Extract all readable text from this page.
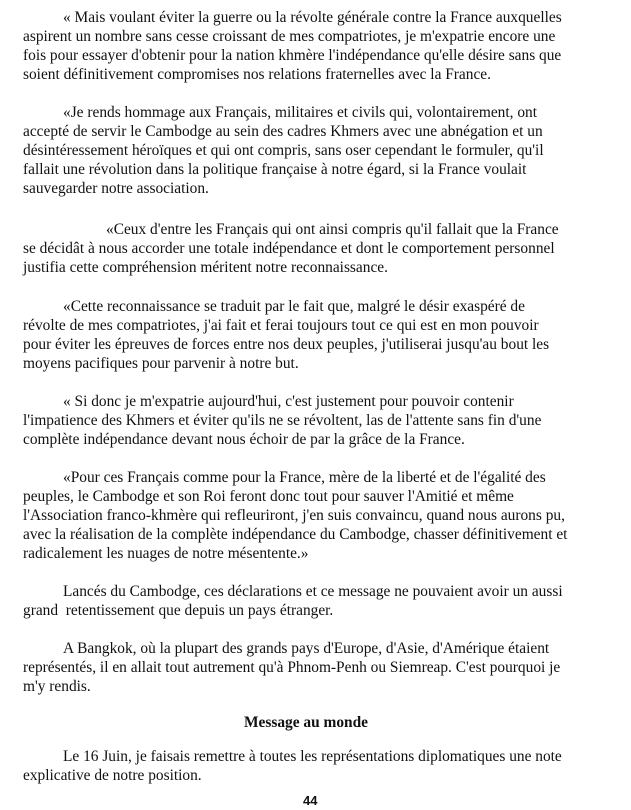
« Mais voulant éviter la guerre ou la révolte générale contre la France auxquelles
aspirent un nombre sans cesse croissant de mes compatriotes, je m'expatrie encore une
fois pour essayer d'obtenir pour la nation khmère l'indépendance qu'elle désire sans que
soient définitivement compromises nos relations fraternelles avec la France.
«Je rends hommage aux Français, militaires et civils qui, volontairement, ont
accepté de servir le Cambodge au sein des cadres Khmers avec une abnégation et un
désintéressement héroïques et qui ont compris, sans oser cependant le formuler, qu'il
fallait une révolution dans la politique française à notre égard, si la France voulait
sauvegarder notre association.
«Ceux d'entre les Français qui ont ainsi compris qu'il fallait que la France
se décidât à nous accorder une totale indépendance et dont le comportement personnel
justifia cette compréhension méritent notre reconnaissance.
«Cette reconnaissance se traduit par le fait que, malgré le désir exaspéré de
révolte de mes compatriotes, j'ai fait et ferai toujours tout ce qui est en mon pouvoir
pour éviter les épreuves de forces entre nos deux peuples, j'utiliserai jusqu'au bout les
moyens pacifiques pour parvenir à notre but.
« Si donc je m'expatrie aujourd'hui, c'est justement pour pouvoir contenir
l'impatience des Khmers et éviter qu'ils ne se révoltent, las de l'attente sans fin d'une
complète indépendance devant nous échoir de par la grâce de la France.
«Pour ces Français comme pour la France, mère de la liberté et de l'égalité des
peuples, le Cambodge et son Roi feront donc tout pour sauver l'Amitié et même
l'Association franco-khmère qui refleuriront, j'en suis convaincu, quand nous aurons pu,
avec la réalisation de la complète indépendance du Cambodge, chasser définitivement et
radicalement les nuages de notre mésentente.»
Lancés du Cambodge, ces déclarations et ce message ne pouvaient avoir un aussi
grand  retentissement que depuis un pays étranger.
A Bangkok, où la plupart des grands pays d'Europe, d'Asie, d'Amérique étaient
représentés, il en allait tout autrement qu'à Phnom-Penh ou Siemreap. C'est pourquoi je
m'y rendis.
Message au monde
Le 16 Juin, je faisais remettre à toutes les représentations diplomatiques une note
explicative de notre position.
44
